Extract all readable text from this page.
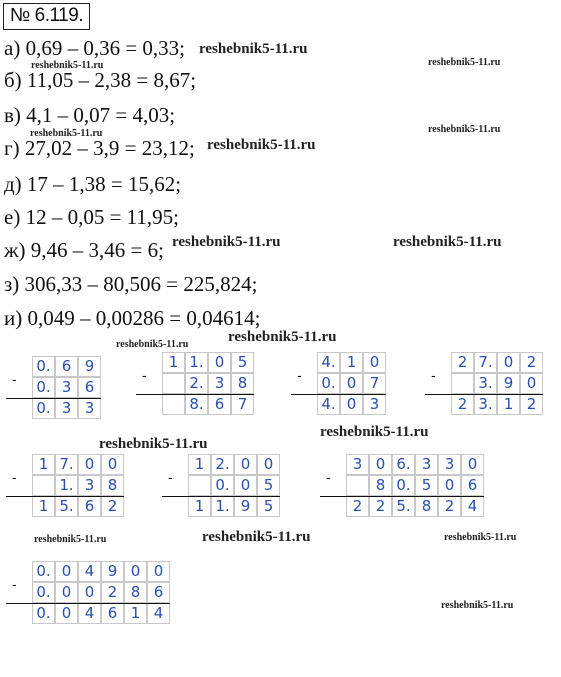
№ 6.119.
а) 0,69 – 0,36 = 0,33;
б) 11,05 – 2,38 = 8,67;
в) 4,1 – 0,07 = 4,03;
г) 27,02 – 3,9 = 23,12;
д) 17 – 1,38 = 15,62;
е) 12 – 0,05 = 11,95;
ж) 9,46 – 3,46 = 6;
з) 306,33 – 80,506 = 225,824;
и) 0,049 – 0,00286 = 0,04614;
reshebnik5-11.ru
reshebnik5-11.ru	reshebnik5-11.ru
reshebnik5-11.ru
reshebnik5-11.ru
reshebnik5-11.ru
reshebnik5-11.ru	reshebnik5-11.ru
reshebnik5-11.ru
reshebnik5-11.ru
reshebnik5-11.ru
reshebnik5-11.ru
reshebnik5-11.ru	reshebnik5-11.ru	reshebnik5-11.ru
reshebnik5-11.ru
-
0. 6 9
0. 3 6
0. 3 3
-
1 1. 0 5
2. 3 8
8. 6 7
-
4. 1 0
0. 0 7
4. 0 3
-
2 7. 0 2
3. 9 0
2 3. 1 2
-
1 7. 0 0
1. 3 8
1 5. 6 2
-
1 2. 0 0
0. 0 5
1 1. 9 5
-
3 0 6. 3 3 0
8 0. 5 0 6
2 2 5. 8 2 4
-
0. 0 4 9 0 0
0. 0 0 2 8 6
0. 0 4 6 1 4
